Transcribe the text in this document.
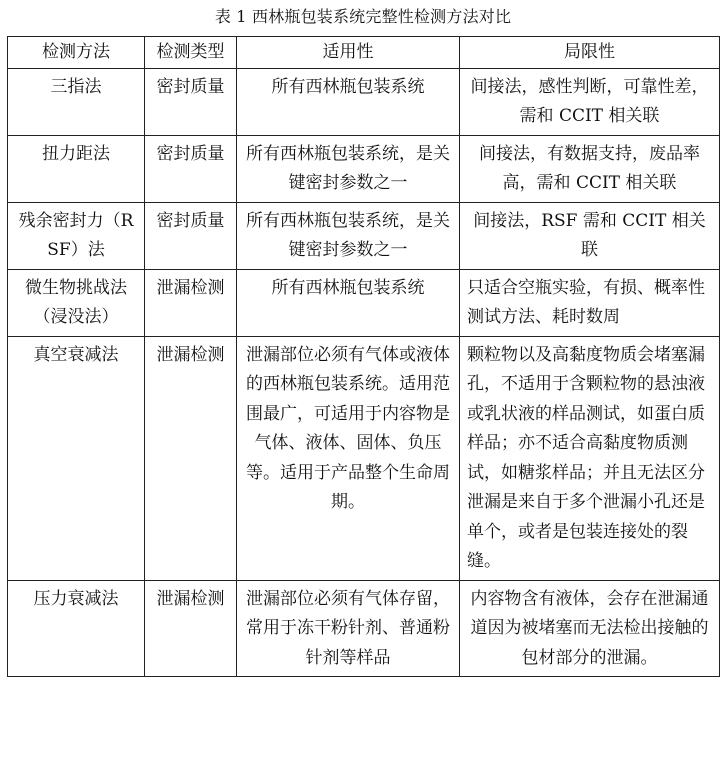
表 1 西林瓶包装系统完整性检测方法对比
检测方法	检测类型	适用性	局限性
三指法	密封质量	所有西林瓶包装系统	间接法，感性判断，可靠性差，需和 CCIT 相关联
扭力距法	密封质量	所有西林瓶包装系统，是关键密封参数之一	间接法，有数据支持，废品率高，需和 CCIT 相关联
残余密封力（RSF）法	密封质量	所有西林瓶包装系统，是关键密封参数之一	间接法，RSF 需和 CCIT 相关联
微生物挑战法（浸没法）	泄漏检测	所有西林瓶包装系统	只适合空瓶实验，有损、概率性测试方法、耗时数周
真空衰减法	泄漏检测	泄漏部位必须有气体或液体的西林瓶包装系统。适用范围最广，可适用于内容物是气体、液体、固体、负压等。适用于产品整个生命周期。	颗粒物以及高黏度物质会堵塞漏孔，不适用于含颗粒物的悬浊液或乳状液的样品测试，如蛋白质样品；亦不适合高黏度物质测试，如糖浆样品；并且无法区分泄漏是来自于多个泄漏小孔还是单个，或者是包装连接处的裂缝。
压力衰减法	泄漏检测	泄漏部位必须有气体存留，常用于冻干粉针剂、普通粉针剂等样品	内容物含有液体，会存在泄漏通道因为被堵塞而无法检出接触的包材部分的泄漏。
